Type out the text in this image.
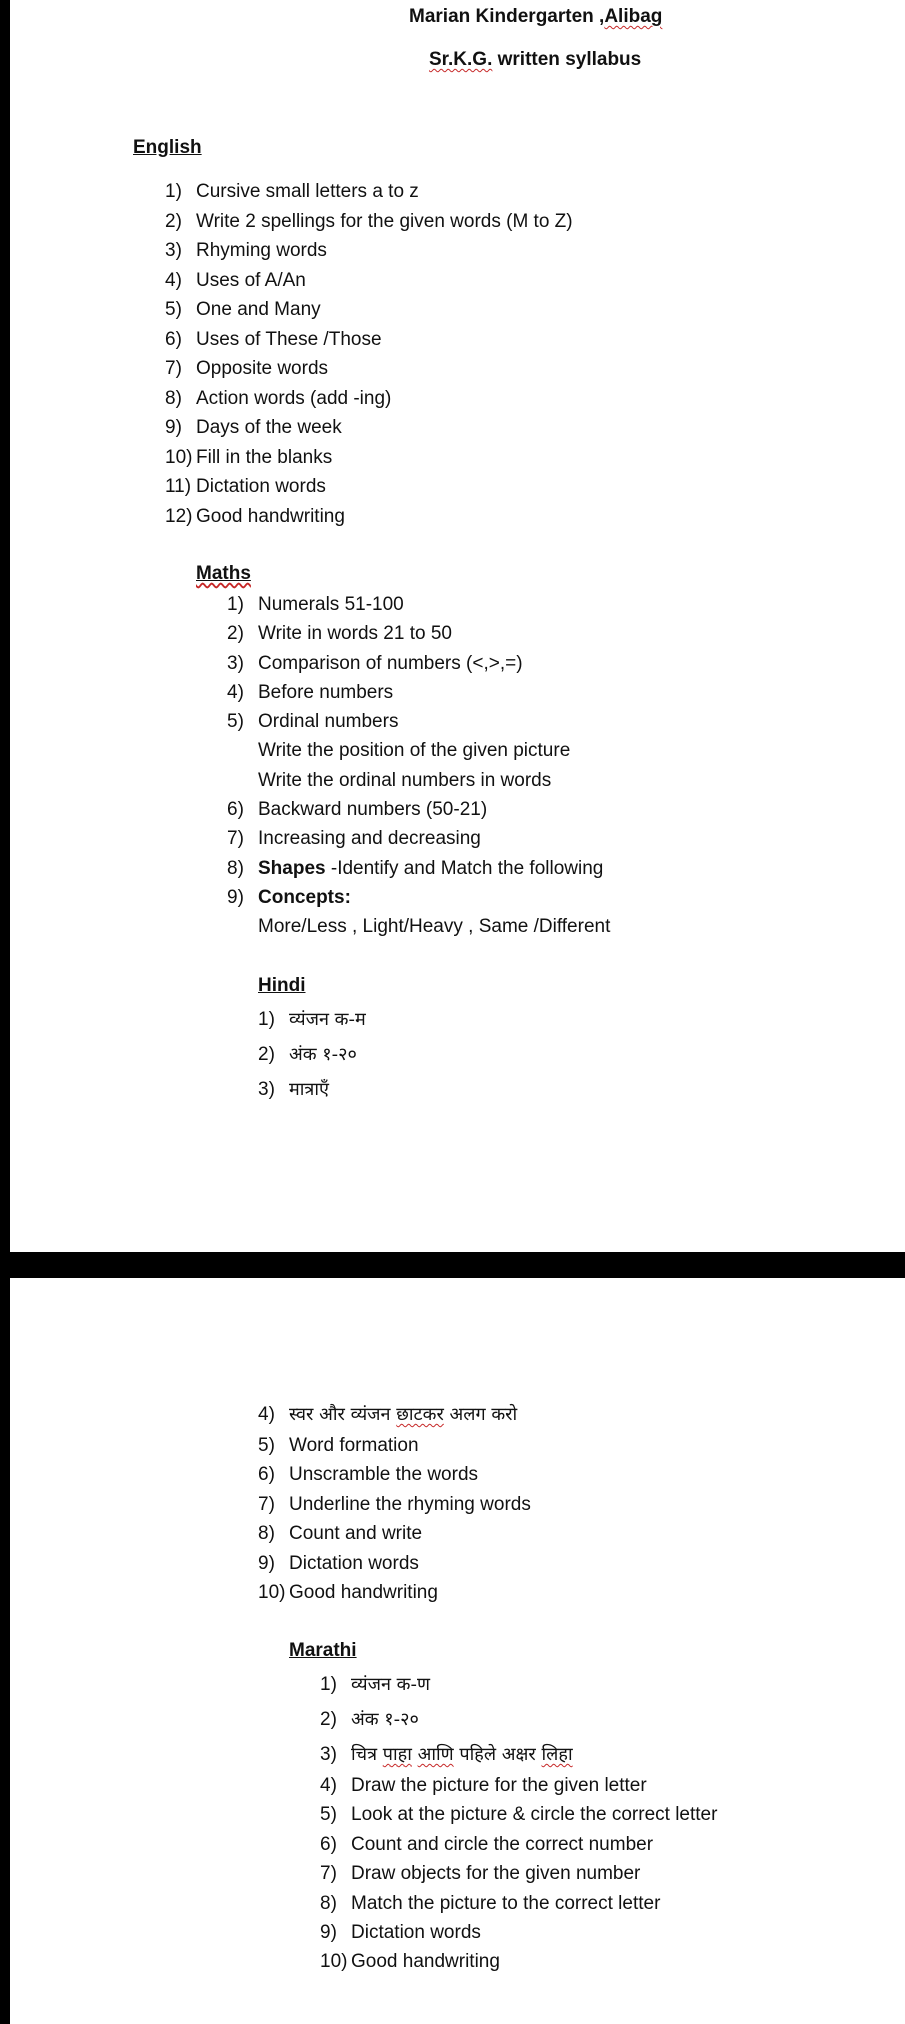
Marian Kindergarten ,Alibag
Sr.K.G. written syllabus
English
1) Cursive small letters a to z
2) Write 2 spellings for the given words (M to Z)
3) Rhyming words
4) Uses of A/An
5) One and Many
6) Uses of These /Those
7) Opposite words
8) Action words (add -ing)
9) Days of the week
10) Fill in the blanks
11) Dictation words
12) Good handwriting
Maths
1) Numerals 51-100
2) Write in words 21 to 50
3) Comparison of numbers (<,>,=)
4) Before numbers
5) Ordinal numbers
Write the position of the given picture
Write the ordinal numbers in words
6) Backward numbers (50-21)
7) Increasing and decreasing
8) Shapes -Identify and Match the following
9) Concepts:
More/Less , Light/Heavy , Same /Different
Hindi
1) व्यंजन क-म
2) अंक १-२०
3) मात्राएँ
4) स्वर और व्यंजन छाटकर अलग करो
5) Word formation
6) Unscramble the words
7) Underline the rhyming words
8) Count and write
9) Dictation words
10) Good handwriting
Marathi
1) व्यंजन क-ण
2) अंक १-२०
3) चित्र पाहा आणि पहिले अक्षर लिहा
4) Draw the picture for the given letter
5) Look at the picture & circle the correct letter
6) Count and circle the correct number
7) Draw objects for the given number
8) Match the picture to the correct letter
9) Dictation words
10) Good handwriting
